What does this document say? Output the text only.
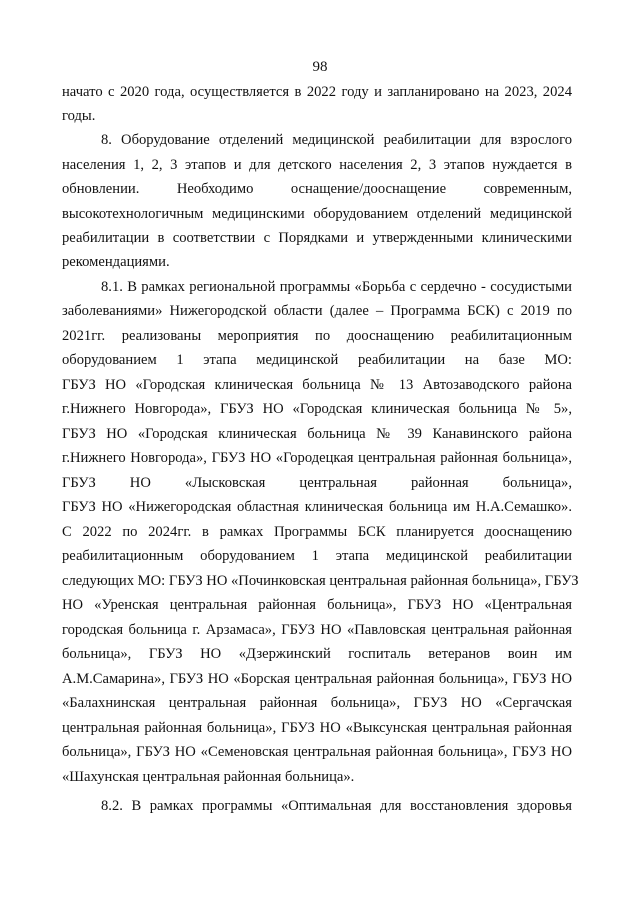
98
начато с 2020 года, осуществляется в 2022 году и запланировано на 2023, 2024
годы.
8. Оборудование отделений медицинской реабилитации для взрослого
населения 1, 2, 3 этапов и для детского населения 2, 3 этапов нуждается в
обновлении. Необходимо оснащение/дооснащение современным,
высокотехнологичным медицинскими оборудованием отделений медицинской
реабилитации в соответствии с Порядками и утвержденными клиническими
рекомендациями.
8.1. В рамках региональной программы «Борьба с сердечно - сосудистыми
заболеваниями» Нижегородской области (далее – Программа БСК) с 2019 по
2021гг. реализованы мероприятия по дооснащению реабилитационным
оборудованием 1 этапа медицинской реабилитации на базе МО:
ГБУЗ НО «Городская клиническая больница № 13 Автозаводского района
г.Нижнего Новгорода», ГБУЗ НО «Городская клиническая больница № 5»,
ГБУЗ НО «Городская клиническая больница № 39 Канавинского района
г.Нижнего Новгорода», ГБУЗ НО «Городецкая центральная районная больница»,
ГБУЗ НО «Лысковская центральная районная больница»,
ГБУЗ НО «Нижегородская областная клиническая больница им Н.А.Семашко».
С 2022 по 2024гг. в рамках Программы БСК планируется дооснащению
реабилитационным оборудованием 1 этапа медицинской реабилитации
следующих МО: ГБУЗ НО «Починковская центральная районная больница», ГБУЗ
НО «Уренская центральная районная больница», ГБУЗ НО «Центральная
городская больница г. Арзамаса», ГБУЗ НО «Павловская центральная районная
больница», ГБУЗ НО «Дзержинский госпиталь ветеранов воин им
А.М.Самарина», ГБУЗ НО «Борская центральная районная больница», ГБУЗ НО
«Балахнинская центральная районная больница», ГБУЗ НО «Сергачская
центральная районная больница», ГБУЗ НО «Выксунская центральная районная
больница», ГБУЗ НО «Семеновская центральная районная больница», ГБУЗ НО
«Шахунская центральная районная больница».
8.2. В рамках программы «Оптимальная для восстановления здоровья
